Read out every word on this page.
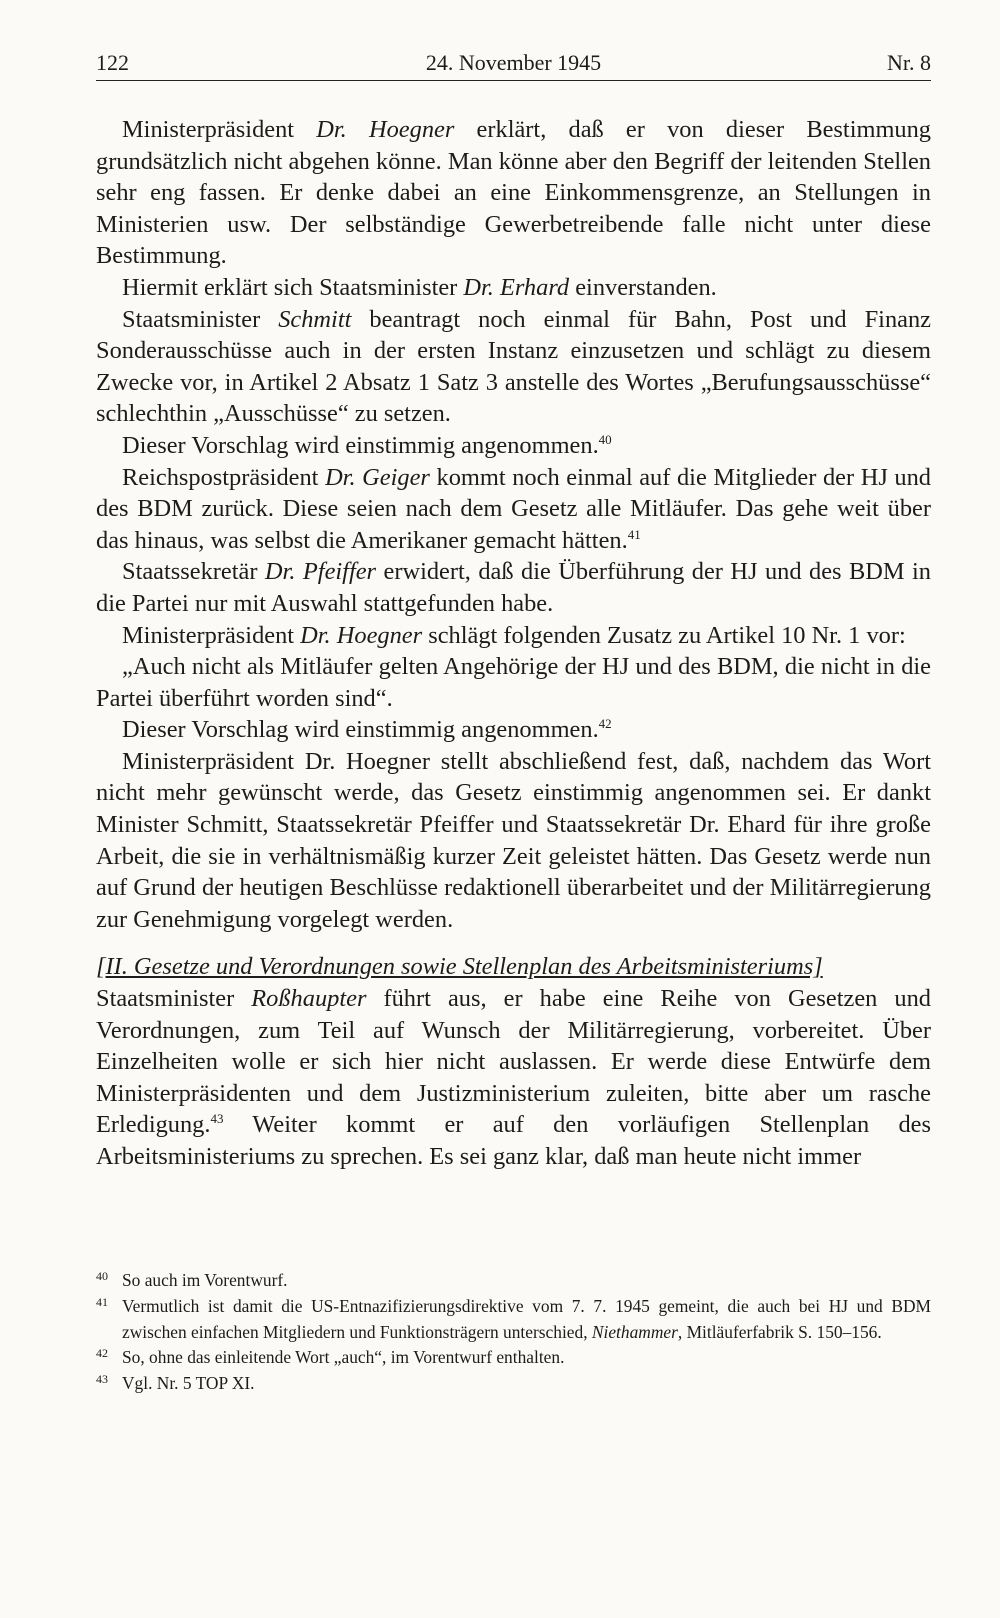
24. November 1945
122	Nr. 8

Ministerpräsident Dr. Hoegner erklärt, daß er von dieser Bestimmung grundsätzlich nicht abgehen könne. Man könne aber den Begriff der leitenden Stellen sehr eng fassen. Er denke dabei an eine Einkommensgrenze, an Stellungen in Ministerien usw. Der selbständige Gewerbetreibende falle nicht unter diese Bestimmung.

Hiermit erklärt sich Staatsminister Dr. Erhard einverstanden.

Staatsminister Schmitt beantragt noch einmal für Bahn, Post und Finanz Sonderausschüsse auch in der ersten Instanz einzusetzen und schlägt zu diesem Zwecke vor, in Artikel 2 Absatz 1 Satz 3 anstelle des Wortes „Berufungsausschüsse“ schlechthin „Ausschüsse“ zu setzen.

Dieser Vorschlag wird einstimmig angenommen.$^{40}$

Reichspostpräsident Dr. Geiger kommt noch einmal auf die Mitglieder der HJ und des BDM zurück. Diese seien nach dem Gesetz alle Mitläufer. Das gehe weit über das hinaus, was selbst die Amerikaner gemacht hätten.$^{41}$

Staatssekretär Dr. Pfeiffer erwidert, daß die Überführung der HJ und des BDM in die Partei nur mit Auswahl stattgefunden habe.

Ministerpräsident Dr. Hoegner schlägt folgenden Zusatz zu Artikel 10 Nr. 1 vor:

„Auch nicht als Mitläufer gelten Angehörige der HJ und des BDM, die nicht in die Partei überführt worden sind“.

Dieser Vorschlag wird einstimmig angenommen.$^{42}$

Ministerpräsident Dr. Hoegner stellt abschließend fest, daß, nachdem das Wort nicht mehr gewünscht werde, das Gesetz einstimmig angenommen sei. Er dankt Minister Schmitt, Staatssekretär Pfeiffer und Staatssekretär Dr. Ehard für ihre große Arbeit, die sie in verhältnismäßig kurzer Zeit geleistet hätten. Das Gesetz werde nun auf Grund der heutigen Beschlüsse redaktionell überarbeitet und der Militärregierung zur Genehmigung vorgelegt werden.

[II. Gesetze und Verordnungen sowie Stellenplan des Arbeitsministeriums]

Staatsminister Roßhaupter führt aus, er habe eine Reihe von Gesetzen und Verordnungen, zum Teil auf Wunsch der Militärregierung, vorbereitet. Über Einzelheiten wolle er sich hier nicht auslassen. Er werde diese Entwürfe dem Ministerpräsidenten und dem Justizministerium zuleiten, bitte aber um rasche Erledigung.$^{43}$ Weiter kommt er auf den vorläufigen Stellenplan des Arbeitsministeriums zu sprechen. Es sei ganz klar, daß man heute nicht immer

40 So auch im Vorentwurf.
41 Vermutlich ist damit die US-Entnazifizierungsdirektive vom 7. 7. 1945 gemeint, die auch bei HJ und BDM zwischen einfachen Mitgliedern und Funktionsträgern unterschied, Niethammer, Mitläuferfabrik S. 150–156.
42 So, ohne das einleitende Wort „auch“, im Vorentwurf enthalten.
43 Vgl. Nr. 5 TOP XI.
